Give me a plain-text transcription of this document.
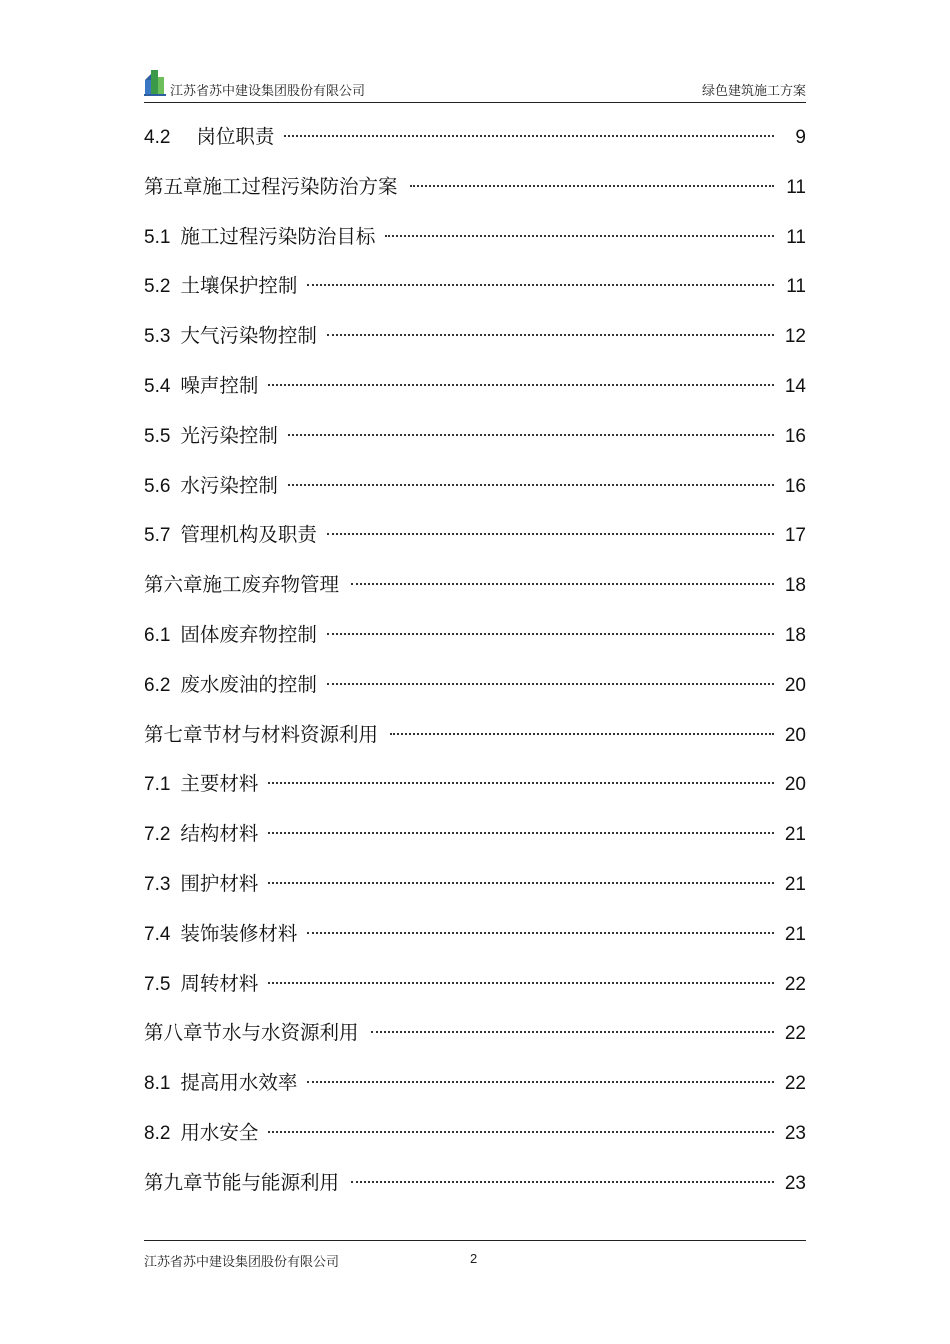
江苏省苏中建设集团股份有限公司	绿色建筑施工方案
4.2 岗位职责	9
第五章施工过程污染防治方案	11
5.1 施工过程污染防治目标	11
5.2 土壤保护控制	11
5.3 大气污染物控制	12
5.4 噪声控制	14
5.5 光污染控制	16
5.6 水污染控制	16
5.7 管理机构及职责	17
第六章施工废弃物管理	18
6.1 固体废弃物控制	18
6.2 废水废油的控制	20
第七章节材与材料资源利用	20
7.1 主要材料	20
7.2 结构材料	21
7.3 围护材料	21
7.4 装饰装修材料	21
7.5 周转材料	22
第八章节水与水资源利用	22
8.1 提高用水效率	22
8.2 用水安全	23
第九章节能与能源利用	23
江苏省苏中建设集团股份有限公司	2
